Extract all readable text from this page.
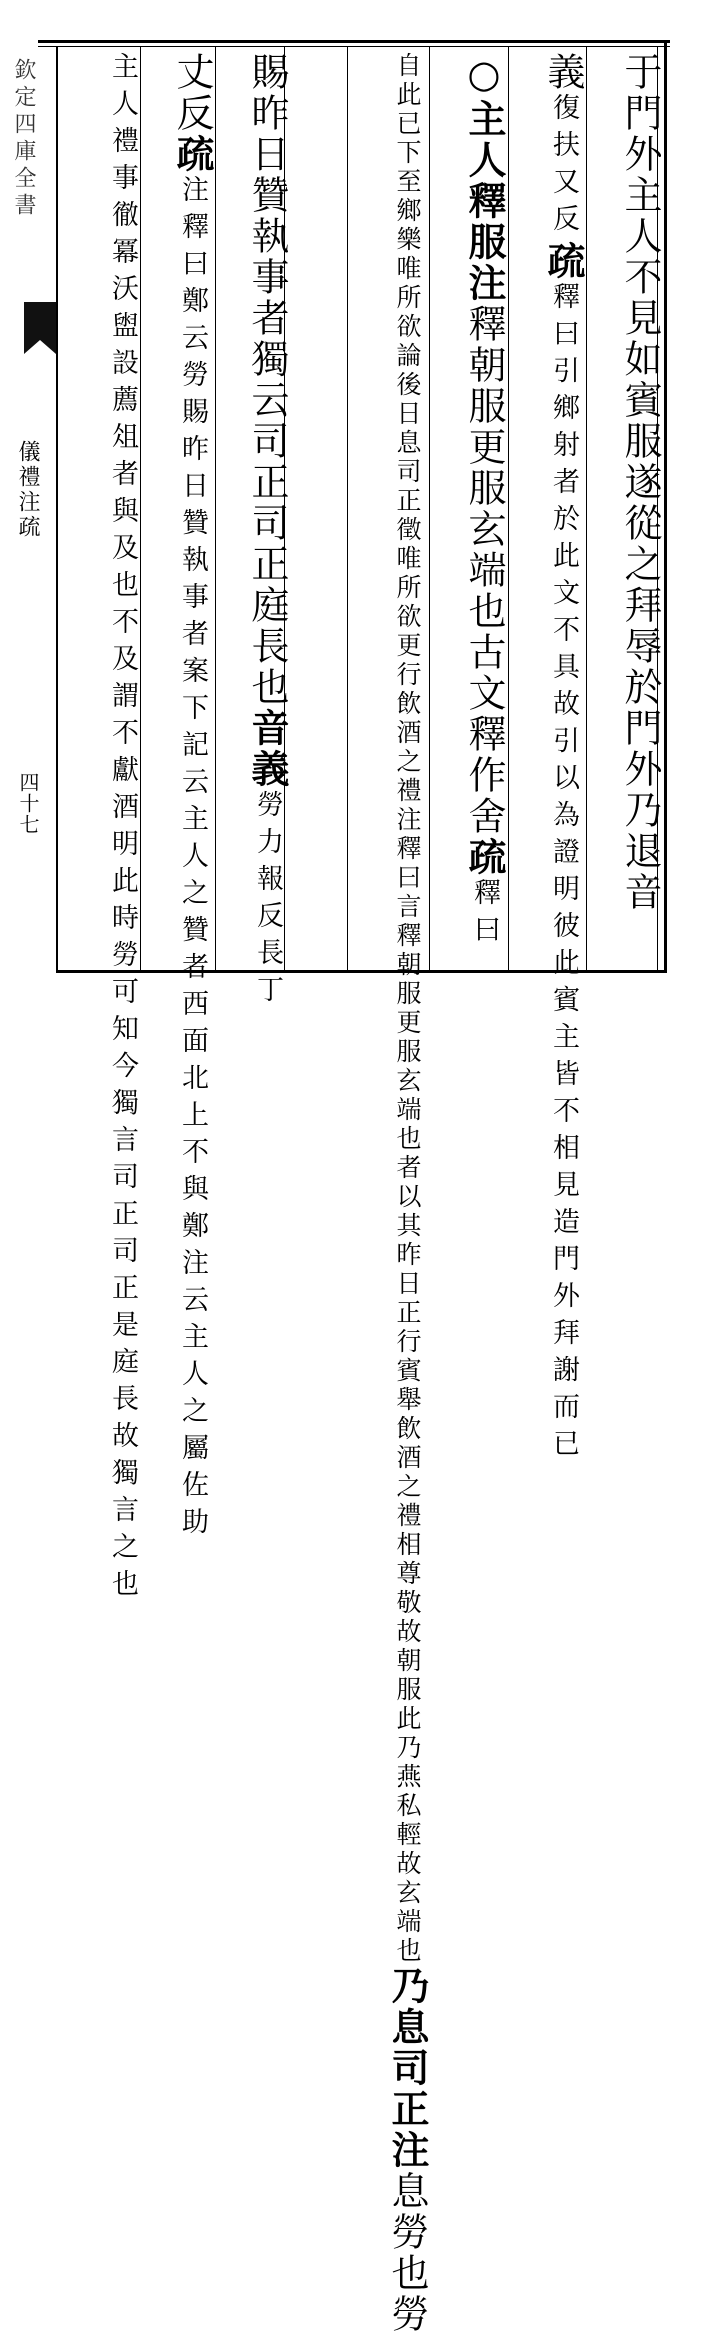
于門外主人不見如賓服遂從之拜辱於門外乃退音
義復扶又反疏釋曰引鄉射者於此文不具故引以為證明彼此賓主皆不相見造門外拜謝而已
○主人釋服注釋朝服更服玄端也古文釋作舍疏釋曰
自此已下至鄉樂唯所欲論後日息司正徵唯所欲更行飲酒之禮注釋曰言釋朝服更服玄端也者以其昨日正行賓舉飲酒之禮相尊敬故朝服此乃燕私輕故玄端也乃息司正注息勞也勞
賜昨日贊執事者獨云司正司正庭長也音義勞力報反長丁
丈反疏注釋曰鄭云勞賜昨日贊執事者案下記云主人之贊者西面北上不與鄭注云主人之屬佐助
主人禮事徹冪沃盥設薦俎者與及也不及謂不獻酒明此時勞可知今獨言司正司正是庭長故獨言之也
欽定四庫全書
儀禮注疏
四十七
